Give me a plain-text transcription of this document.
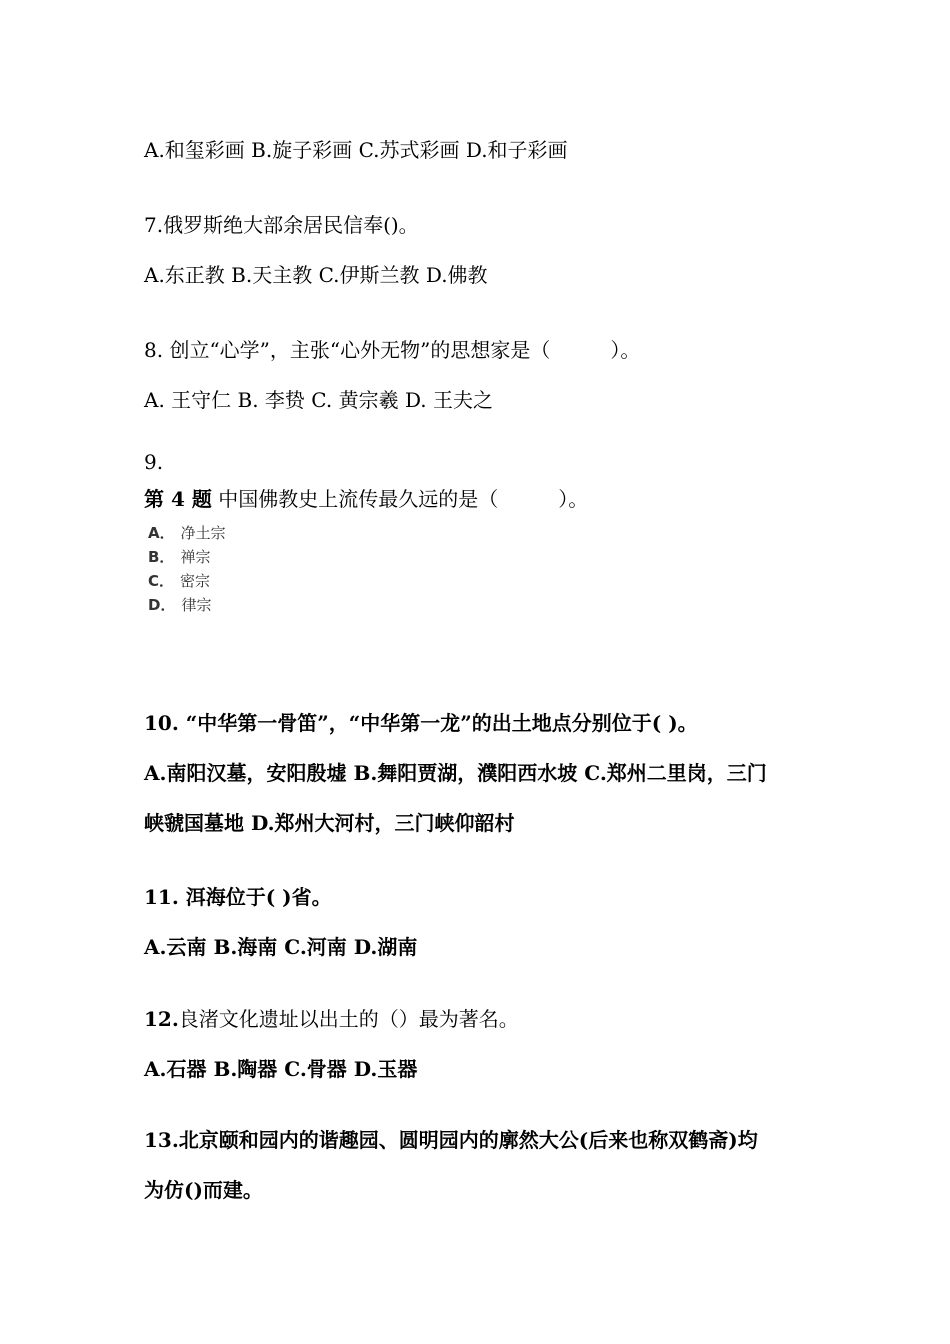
A.和玺彩画 B.旋子彩画 C.苏式彩画 D.和子彩画
7.俄罗斯绝大部余居民信奉()。
A.东正教 B.天主教 C.伊斯兰教 D.佛教
8. 创立“心学”，主张“心外无物”的思想家是（　　　）。
A. 王守仁 B. 李贽 C. 黄宗羲 D. 王夫之
9.
第 4 题 中国佛教史上流传最久远的是（　　　）。
A． 净土宗
B． 禅宗
C． 密宗
D． 律宗
10. “中华第一骨笛”，“中华第一龙”的出土地点分别位于( )。
A.南阳汉墓，安阳殷墟 B.舞阳贾湖，濮阳西水坡 C.郑州二里岗，三门
峡虢国墓地 D.郑州大河村，三门峡仰韶村
11. 洱海位于( )省。
A.云南 B.海南 C.河南 D.湖南
12.良渚文化遗址以出土的（）最为著名。
A.石器 B.陶器 C.骨器 D.玉器
13.北京颐和园内的谐趣园、圆明园内的廓然大公(后来也称双鹤斋)均
为仿()而建。
